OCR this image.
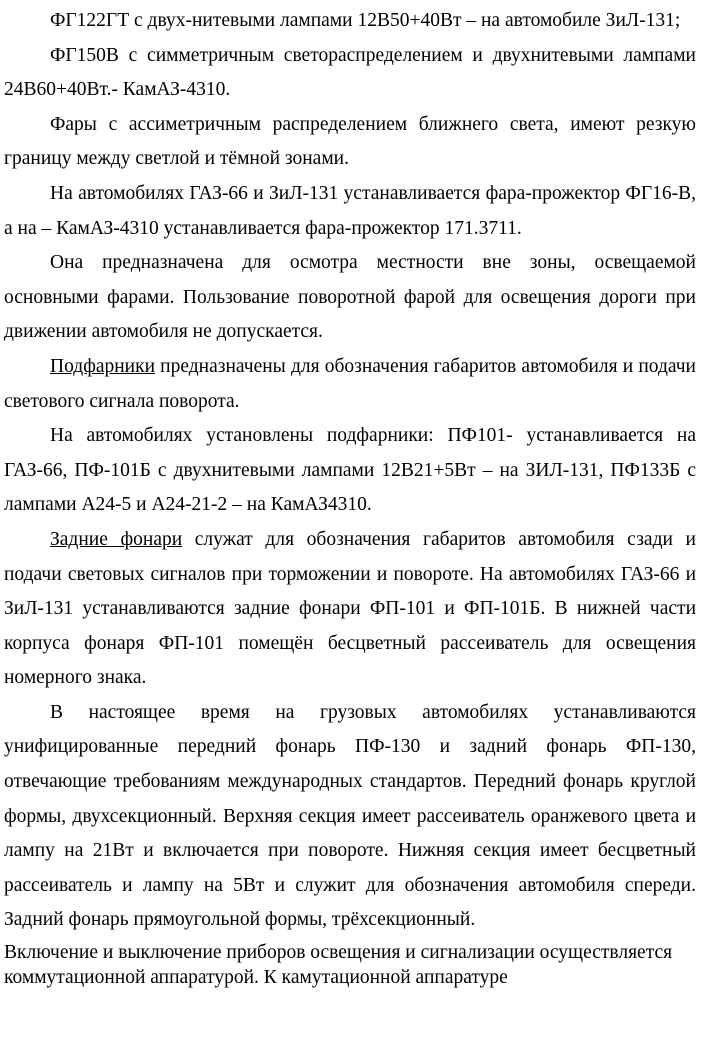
ФГ122ГТ с двух-нитевыми лампами 12В50+40Вт – на автомобиле ЗиЛ-131;

ФГ150В с симметричным светораспределением и двухнитевыми лампами 24В60+40Вт.- КамАЗ-4310.

Фары с ассиметричным распределением ближнего света, имеют резкую границу между светлой и тёмной зонами.

На автомобилях ГАЗ-66 и ЗиЛ-131 устанавливается фара-прожектор ФГ16-В, а на – КамАЗ-4310 устанавливается фара-прожектор 171.3711.

Она предназначена для осмотра местности вне зоны, освещаемой основными фарами. Пользование поворотной фарой для освещения дороги при движении автомобиля не допускается.

Подфарники предназначены для обозначения габаритов автомобиля и подачи светового сигнала поворота.

На автомобилях установлены подфарники: ПФ101- устанавливается на ГАЗ-66, ПФ-101Б с двухнитевыми лампами 12В21+5Вт – на ЗИЛ-131, ПФ133Б с лампами А24-5 и А24-21-2 – на КамАЗ4310.

Задние фонари служат для обозначения габаритов автомобиля сзади и подачи световых сигналов при торможении и повороте. На автомобилях ГАЗ-66 и ЗиЛ-131 устанавливаются задние фонари ФП-101 и ФП-101Б. В нижней части корпуса фонаря ФП-101 помещён бесцветный рассеиватель для освещения номерного знака.

В настоящее время на грузовых автомобилях устанавливаются унифицированные передний фонарь ПФ-130 и задний фонарь ФП-130, отвечающие требованиям международных стандартов. Передний фонарь круглой формы, двухсекционный. Верхняя секция имеет рассеиватель оранжевого цвета и лампу на 21Вт и включается при повороте. Нижняя секция имеет бесцветный рассеиватель и лампу на 5Вт и служит для обозначения автомобиля спереди. Задний фонарь прямоугольной формы, трёхсекционный.

Включение и выключение приборов освещения и сигнализации осуществляется коммутационной аппаратурой. К камутационной аппаратуре
